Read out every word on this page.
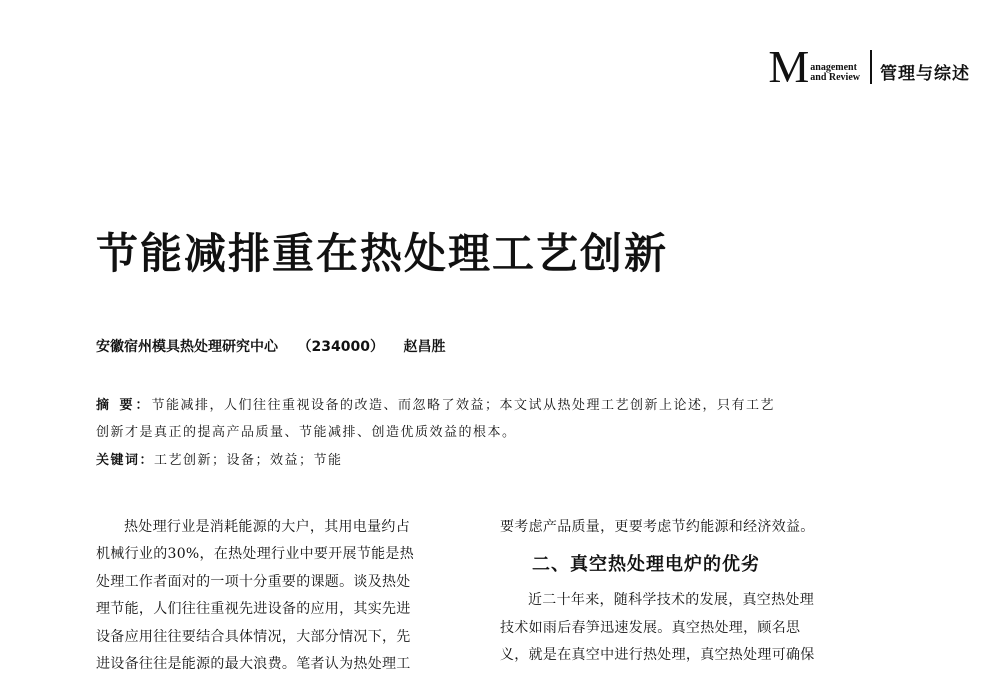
M anagement
and Review 管理与综述
节能减排重在热处理工艺创新
安徽宿州模具热处理研究中心 （234000） 赵昌胜
摘 要：节能减排，人们往往重视设备的改造、而忽略了效益；本文试从热处理工艺创新上论述，只有工艺
创新才是真正的提高产品质量、节能减排、创造优质效益的根本。
关键词：工艺创新；设备；效益；节能
热处理行业是消耗能源的大户，其用电量约占
机械行业的30%，在热处理行业中要开展节能是热
处理工作者面对的一项十分重要的课题。谈及热处
理节能，人们往往重视先进设备的应用，其实先进
设备应用往往要结合具体情况，大部分情况下，先
进设备往往是能源的最大浪费。笔者认为热处理工
要考虑产品质量，更要考虑节约能源和经济效益。
二、真空热处理电炉的优劣
近二十年来，随科学技术的发展，真空热处理
技术如雨后春笋迅速发展。真空热处理，顾名思
义，就是在真空中进行热处理，真空热处理可确保
